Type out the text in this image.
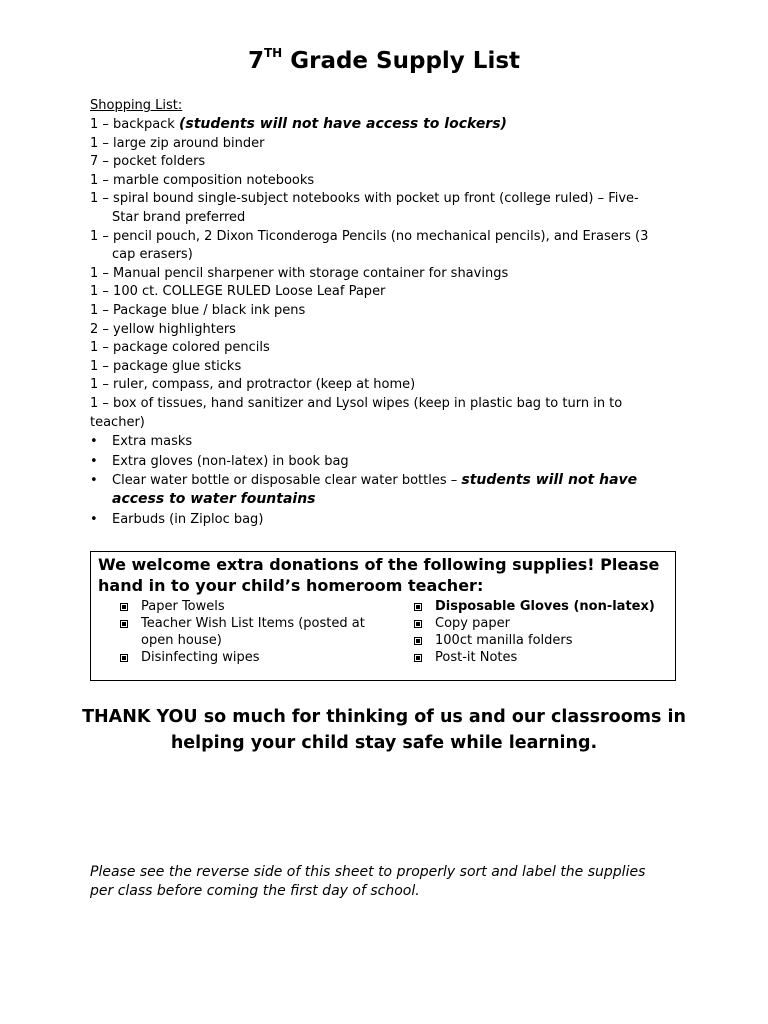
7TH Grade Supply List
Shopping List:
1 – backpack (students will not have access to lockers)
1 – large zip around binder
7 – pocket folders
1 – marble composition notebooks
1 – spiral bound single-subject notebooks with pocket up front (college ruled) – Five-
Star brand preferred
1 – pencil pouch, 2 Dixon Ticonderoga Pencils (no mechanical pencils), and Erasers (3
cap erasers)
1 – Manual pencil sharpener with storage container for shavings
1 – 100 ct. COLLEGE RULED Loose Leaf Paper
1 – Package blue / black ink pens
2 – yellow highlighters
1 – package colored pencils
1 – package glue sticks
1 – ruler, compass, and protractor (keep at home)
1 – box of tissues, hand sanitizer and Lysol wipes (keep in plastic bag to turn in to
teacher)
• Extra masks
• Extra gloves (non-latex) in book bag
• Clear water bottle or disposable clear water bottles – students will not have
access to water fountains
• Earbuds (in Ziploc bag)
We welcome extra donations of the following supplies! Please hand in to your child’s homeroom teacher:
Paper Towels
Teacher Wish List Items (posted at open house)
Disinfecting wipes
Disposable Gloves (non-latex)
Copy paper
100ct manilla folders
Post-it Notes
THANK YOU so much for thinking of us and our classrooms in helping your child stay safe while learning.
Please see the reverse side of this sheet to properly sort and label the supplies per class before coming the first day of school.
